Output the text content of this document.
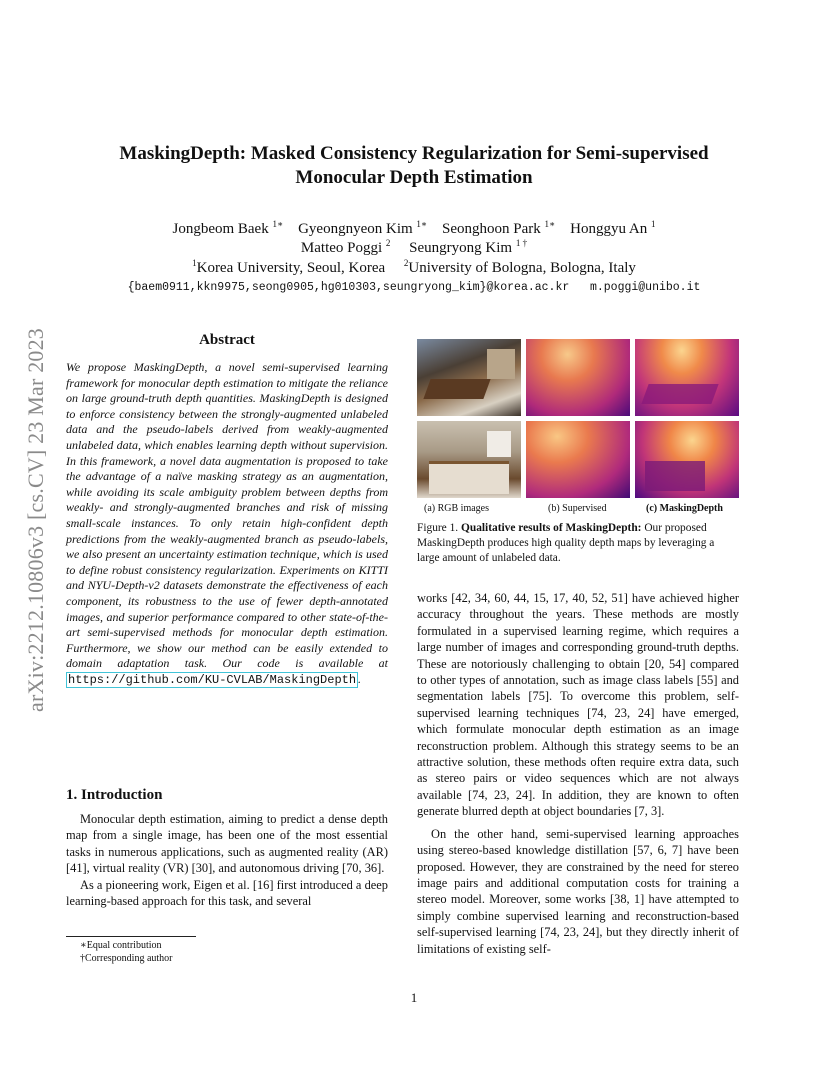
arXiv:2212.10806v3 [cs.CV] 23 Mar 2023
MaskingDepth: Masked Consistency Regularization for Semi-supervised
Monocular Depth Estimation
Jongbeom Baek $^{1∗}$ Gyeongnyeon Kim $^{1∗}$ Seonghoon Park $^{1∗}$ Honggyu An $^1$
Matteo Poggi $^2$ Seungryong Kim $^{1 \dagger}$
$^1$Korea University, Seoul, Korea $^2$University of Bologna, Bologna, Italy
{baem0911,kkn9975,seong0905,hg010303,seungryong_kim}@korea.ac.kr   m.poggi@unibo.it
Abstract
We propose MaskingDepth, a novel semi-supervised learning framework for monocular depth estimation to mitigate the reliance on large ground-truth depth quantities. MaskingDepth is designed to enforce consistency between the strongly-augmented unlabeled data and the pseudo-labels derived from weakly-augmented unlabeled data, which enables learning depth without supervision. In this framework, a novel data augmentation is proposed to take the advantage of a naïve masking strategy as an augmentation, while avoiding its scale ambiguity problem between depths from weakly- and strongly-augmented branches and risk of missing small-scale instances. To only retain high-confident depth predictions from the weakly-augmented branch as pseudo-labels, we also present an uncertainty estimation technique, which is used to define robust consistency regularization. Experiments on KITTI and NYU-Depth-v2 datasets demonstrate the effectiveness of each component, its robustness to the use of fewer depth-annotated images, and superior performance compared to other state-of-the-art semi-supervised methods for monocular depth estimation. Furthermore, we show our method can be easily extended to domain adaptation task. Our code is available at https://github.com/KU-CVLAB/MaskingDepth .
1. Introduction

Monocular depth estimation, aiming to predict a dense depth map from a single image, has been one of the most essential tasks in numerous applications, such as augmented reality (AR) [41], virtual reality (VR) [30], and autonomous driving [70, 36].

As a pioneering work, Eigen et al. [16] first introduced a deep learning-based approach for this task, and several

(a) RGB images	(b) Supervised	(c) MaskingDepth
Figure 1. Qualitative results of MaskingDepth: Our proposed MaskingDepth produces high quality depth maps by leveraging a large amount of unlabeled data.

works [42, 34, 60, 44, 15, 17, 40, 52, 51] have achieved higher accuracy throughout the years. These methods are mostly formulated in a supervised learning regime, which requires a large number of images and corresponding ground-truth depths. These are notoriously challenging to obtain [20, 54] compared to other types of annotation, such as image class labels [55] and segmentation labels [75]. To overcome this problem, self-supervised learning techniques [74, 23, 24] have emerged, which formulate monocular depth estimation as an image reconstruction problem. Although this strategy seems to be an attractive solution, these methods often require extra data, such as stereo pairs or video sequences which are not always available [74, 23, 24]. In addition, they are known to often generate blurred depth at object boundaries [7, 3].

On the other hand, semi-supervised learning approaches using stereo-based knowledge distillation [57, 6, 7] have been proposed. However, they are constrained by the need for stereo image pairs and additional computation costs for training a stereo model. Moreover, some works [38, 1] have attempted to simply combine supervised learning and reconstruction-based self-supervised learning [74, 23, 24], but they directly inherit of limitations of existing self-

∗Equal contribution
†Corresponding author
1
